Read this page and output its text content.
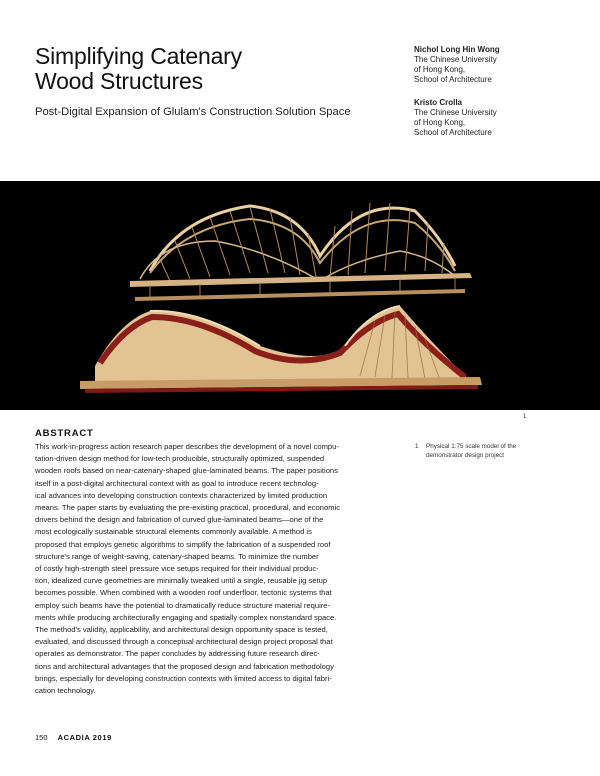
Simplifying Catenary
Wood Structures
Post-Digital Expansion of Glulam's Construction Solution Space
Nichol Long Hin Wong
The Chinese University
of Hong Kong,
School of Architecture
Kristo Crolla
The Chinese University
of Hong Kong,
School of Architecture
1
1 Physical 1:75 scale model of the demonstrator design project
ABSTRACT
This work-in-progress action research paper describes the development of a novel compu-
tation-driven design method for low-tech producible, structurally optimized, suspended
wooden roofs based on near-catenary-shaped glue-laminated beams. The paper positions
itself in a post-digital architectural context with as goal to introduce recent technolog-
ical advances into developing construction contexts characterized by limited production
means. The paper starts by evaluating the pre-existing practical, procedural, and economic
drivers behind the design and fabrication of curved glue-laminated beams—one of the
most ecologically sustainable structural elements commonly available. A method is
proposed that employs genetic algorithms to simplify the fabrication of a suspended roof
structure's range of weight-saving, catenary-shaped beams. To minimize the number
of costly high-strength steel pressure vice setups required for their individual produc-
tion, idealized curve geometries are minimally tweaked until a single, reusable jig setup
becomes possible. When combined with a wooden roof underfloor, tectonic systems that
employ such beams have the potential to dramatically reduce structure material require-
ments while producing architecturally engaging and spatially complex nonstandard space.
The method's validity, applicability, and architectural design opportunity space is tested,
evaluated, and discussed through a conceptual architectural design project proposal that
operates as demonstrator. The paper concludes by addressing future research direc-
tions and architectural advantages that the proposed design and fabrication methodology
brings, especially for developing construction contexts with limited access to digital fabri-
cation technology.
150 ACADIA 2019
